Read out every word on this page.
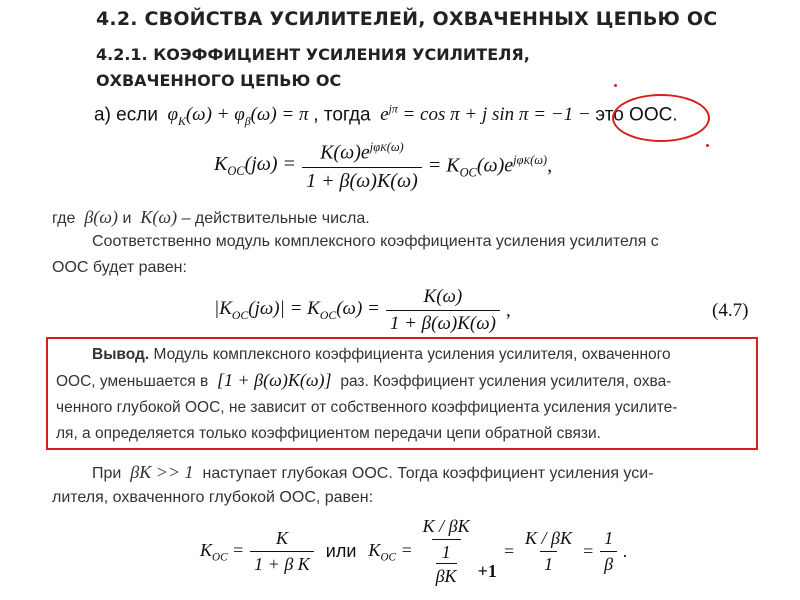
4.2. СВОЙСТВА УСИЛИТЕЛЕЙ, ОХВАЧЕННЫХ ЦЕПЬЮ ОС
4.2.1. КОЭФФИЦИЕНТ УСИЛЕНИЯ УСИЛИТЕЛЯ,
ОХВАЧЕННОГО ЦЕПЬЮ ОС
а) если  $\varphi_K(\omega) + \varphi_\beta(\omega) = \pi$ , тогда  $e^{j\pi} = \cos \pi + j$ sin π = −1 − это ООС.
$K_{OC}(j\omega) = \frac{K(\omega)e^{j\varphi K(\omega)}}{1 + \beta(\omega)K(\omega)} = K_{OC}(\omega)e^{j\varphi K(\omega)}$,
где  β(ω) и  K(ω) – действительные числа.
Соответственно модуль комплексного коэффициента усиления усилителя с
ООС будет равен:
$|K_{OC}(j\omega)| = K_{OC}(\omega) = \frac{K(\omega)}{1 + \beta(\omega)K(\omega)}$ ,	(4.7)
Вывод. Модуль комплексного коэффициента усиления усилителя, охваченного
ООС, уменьшается в  [1 + β(ω)K(ω)]  раз. Коэффициент усиления усилителя, охва-
ченного глубокой ООС, не зависит от собственного коэффициента усиления усилите-
ля, а определяется только коэффициентом передачи цепи обратной связи.
При  βK >> 1  наступает глубокая ООС. Тогда коэффициент усиления уси-
лителя, охваченного глубокой ООС, равен:
$K_{OC} = \frac{K}{\text{1 + β K}}$ или $K_{OC} = K / \beta K$
1
βK +1
= $\frac{K / \beta K}{1} = \frac{1}{\beta}$ .
